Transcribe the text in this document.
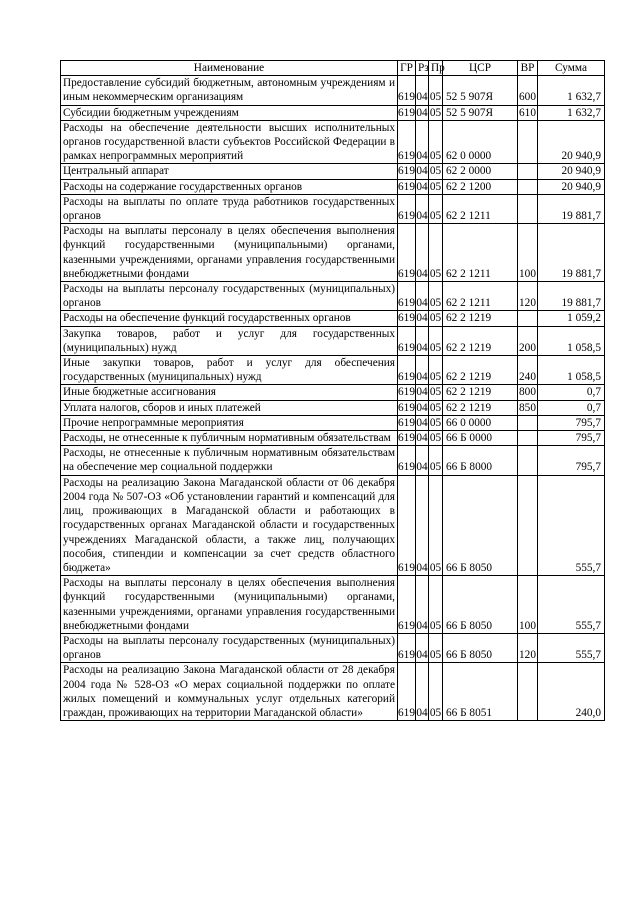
Наименование	ГР	Рз	Пр	ЦСР	ВР	Сумма
Предоставление субсидий бюджетным, автономным учреждениям и иным некоммерческим организациям	619	04	05	52 5 907Я	600	1 632,7
Субсидии бюджетным учреждениям	619	04	05	52 5 907Я	610	1 632,7
Расходы на обеспечение деятельности высших исполнительных органов государственной власти субъектов Российской Федерации в рамках непрограммных мероприятий	619	04	05	62 0 0000		20 940,9
Центральный аппарат	619	04	05	62 2 0000		20 940,9
Расходы на содержание государственных органов	619	04	05	62 2 1200		20 940,9
Расходы на выплаты по оплате труда работников государственных органов	619	04	05	62 2 1211		19 881,7
Расходы на выплаты персоналу в целях обеспечения выполнения функций государственными (муниципальными) органами, казенными учреждениями, органами управления государственными внебюджетными фондами	619	04	05	62 2 1211	100	19 881,7
Расходы на выплаты персоналу государственных (муниципальных) органов	619	04	05	62 2 1211	120	19 881,7
Расходы на обеспечение функций государственных органов	619	04	05	62 2 1219		1 059,2
Закупка товаров, работ и услуг для государственных (муниципальных) нужд	619	04	05	62 2 1219	200	1 058,5
Иные закупки товаров, работ и услуг для обеспечения государственных (муниципальных) нужд	619	04	05	62 2 1219	240	1 058,5
Иные бюджетные ассигнования	619	04	05	62 2 1219	800	0,7
Уплата налогов, сборов и иных платежей	619	04	05	62 2 1219	850	0,7
Прочие непрограммные мероприятия	619	04	05	66 0 0000		795,7
Расходы, не отнесенные к публичным нормативным обязательствам	619	04	05	66 Б 0000		795,7
Расходы, не отнесенные к публичным нормативным обязательствам на обеспечение мер социальной поддержки	619	04	05	66 Б 8000		795,7
Расходы на реализацию Закона Магаданской области от 06 декабря 2004 года № 507-ОЗ «Об установлении гарантий и компенсаций для лиц, проживающих в Магаданской области и работающих в государственных органах Магаданской области и государственных учреждениях Магаданской области, а также лиц, получающих пособия, стипендии и компенсации за счет средств областного бюджета»	619	04	05	66 Б 8050		555,7
Расходы на выплаты персоналу в целях обеспечения выполнения функций государственными (муниципальными) органами, казенными учреждениями, органами управления государственными внебюджетными фондами	619	04	05	66 Б 8050	100	555,7
Расходы на выплаты персоналу государственных (муниципальных) органов	619	04	05	66 Б 8050	120	555,7
Расходы на реализацию Закона Магаданской области от 28 декабря 2004 года № 528-ОЗ «О мерах социальной поддержки по оплате жилых помещений и коммунальных услуг отдельных категорий граждан, проживающих на территории Магаданской области»	619	04	05	66 Б 8051		240,0
